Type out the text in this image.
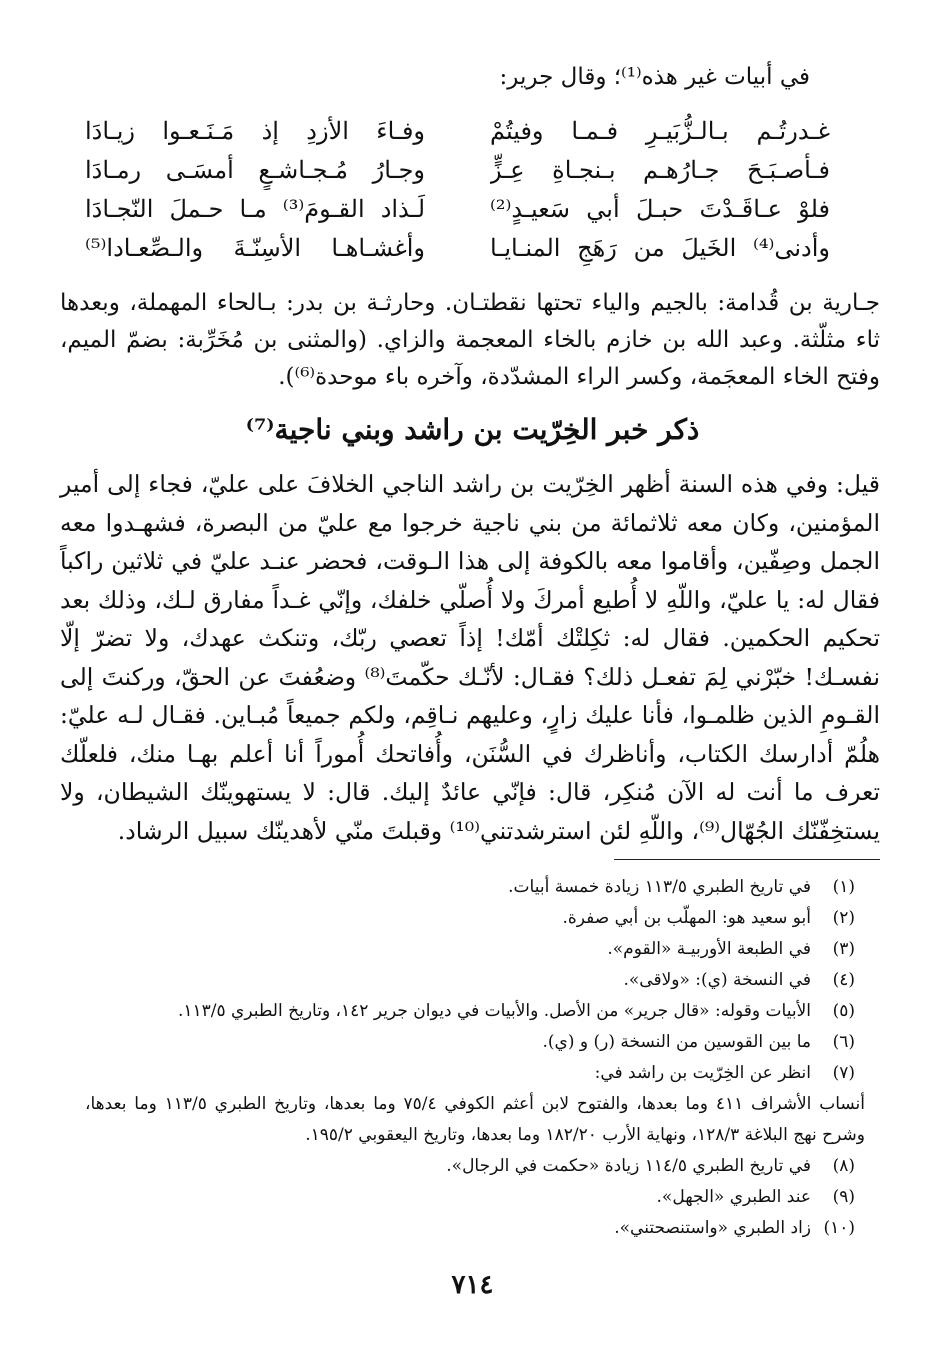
في أبيات غير هذه⁽¹⁾؛ وقال جرير:
غـدرتُـم بـالـزُّبَيـرِ فـمـا وفيتُمْ
وفـاءَ الأزدِ إذ مَـنَـعـوا زيـادَا
فـأصـبَـحَ جـارُهـم بـنجـاةِ عِـزٍّ
وجـارُ مُـجـاشـعٍ أمسَـى رمـادَا
فلوْ عـاقَـدْتَ حبـلَ أبي سَعيـدٍ⁽²⁾
لَـذاد القـومَ⁽³⁾ مـا حـملَ النّجـادَا
وأدنى⁽⁴⁾ الخَيلَ من رَهَجِ المنـايـا
وأغشـاهـا الأسِنّـةَ والـصِّعـادا⁽⁵⁾
جـارية بن قُدامة: بالجيم والياء تحتها نقطتـان. وحارثـة بن بدر: بـالحاء المهملة، وبعدها ثاء مثلّثة. وعبد الله بن خازم بالخاء المعجمة والزاي. (والمثنى بن مُخَرِّبة: بضمّ الميم، وفتح الخاء المعجَمة، وكسر الراء المشدّدة، وآخره باء موحدة⁽⁶⁾).
ذكر خبر الخِرّيت بن راشد وبني ناجية⁽⁷⁾
قيل: وفي هذه السنة أظهر الخِرّيت بن راشد الناجي الخلافَ على عليّ، فجاء إلى أمير المؤمنين، وكان معه ثلاثمائة من بني ناجية خرجوا مع عليّ من البصرة، فشهـدوا معه الجمل وصِفّين، وأقاموا معه بالكوفة إلى هذا الـوقت، فحضر عنـد عليّ في ثلاثين راكباً فقال له: يا عليّ، واللّهِ لا أُطيع أمركَ ولا أُصلّي خلفك، وإنّي غـداً مفارق لـك، وذلك بعد تحكيم الحكمين. فقال له: ثكِلتْك أمّك! إذاً تعصي ربّك، وتنكث عهدك، ولا تضرّ إلّا نفسـك! خبّرْني لِمَ تفعـل ذلك؟ فقـال: لأنّـك حكّمتَ⁽⁸⁾ وضعُفتَ عن الحقّ، وركنتَ إلى القـومِ الذين ظلمـوا، فأنا عليك زارٍ، وعليهم نـاقِم، ولكم جميعاً مُبـاين. فقـال لـه عليّ: هلُمّ أدارسك الكتاب، وأناظرك في السُّنَن، وأُفاتحك أُموراً أنا أعلم بهـا منك، فلعلّك تعرف ما أنت له الآن مُنكِر، قال: فإنّي عائدٌ إليك. قال: لا يستهوينّك الشيطان، ولا يستخِفّنّك الجُهّال⁽⁹⁾، واللّهِ لئن استرشدتني⁽¹⁰⁾ وقبلتَ منّي لأهدينّك سبيل الرشاد.
(١)
في تاريخ الطبري ١١٣/٥ زيادة خمسة أبيات.
(٢)
أبو سعيد هو: المهلّب بن أبي صفرة.
(٣)
في الطبعة الأوربيـة «القوم».
(٤)
في النسخة (ي): «ولاقى».
(٥)
الأبيات وقوله: «قال جرير» من الأصل. والأبيات في ديوان جرير ١٤٢، وتاريخ الطبري ١١٣/٥.
(٦)
ما بين القوسين من النسخة (ر) و (ي).
(٧)
انظر عن الخِرّيت بن راشد في:
أنساب الأشراف ٤١١ وما بعدها، والفتوح لابن أعثم الكوفي ٧٥/٤ وما بعدها، وتاريخ الطبري ١١٣/٥ وما بعدها، وشرح نهج البلاغة ١٢٨/٣، ونهاية الأرب ١٨٢/٢٠ وما بعدها، وتاريخ اليعقوبي ١٩٥/٢.
(٨)
في تاريخ الطبري ١١٤/٥ زيادة «حكمت في الرجال».
(٩)
عند الطبري «الجهل».
(١٠)
زاد الطبري «واستنصحتني».
٧١٤
